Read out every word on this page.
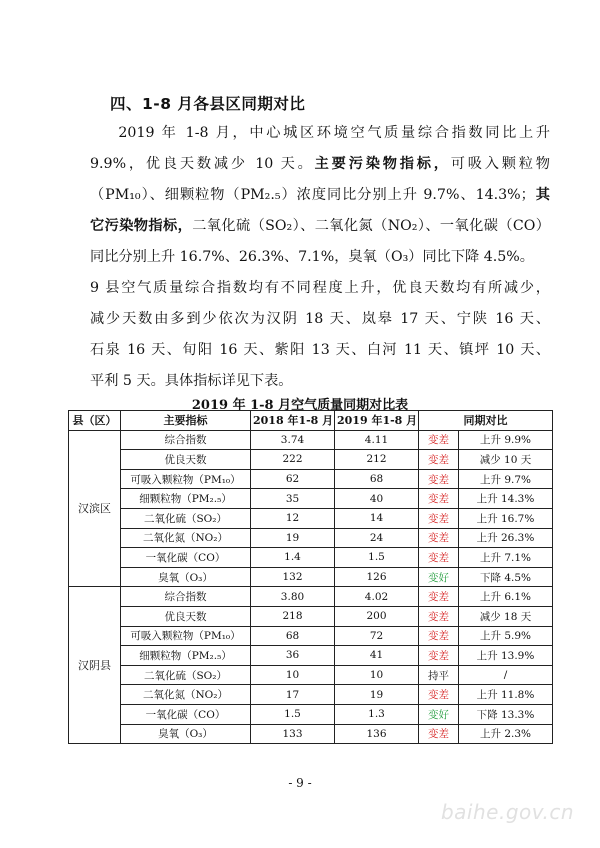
四、1-8 月各县区同期对比
2019 年 1-8 月，中心城区环境空气质量综合指数同比上升
9.9%，优良天数减少 10 天。主要污染物指标，可吸入颗粒物
（PM₁₀）、细颗粒物（PM₂.₅）浓度同比分别上升 9.7%、14.3%；其
它污染物指标，二氧化硫（SO₂）、二氧化氮（NO₂）、一氧化碳（CO）
同比分别上升 16.7%、26.3%、7.1%，臭氧（O₃）同比下降 4.5%。
9 县空气质量综合指数均有不同程度上升，优良天数均有所减少，
减少天数由多到少依次为汉阴 18 天、岚皋 17 天、宁陕 16 天、
石泉 16 天、旬阳 16 天、紫阳 13 天、白河 11 天、镇坪 10 天、
平利 5 天。具体指标详见下表。
2019 年 1-8 月空气质量同期对比表
县（区）	主要指标	2018 年1-8 月	2019 年1-8 月	同期对比	
汉滨区	综合指数	3.74	4.11	变差	上升 9.9%
	优良天数	222	212	变差	减少 10 天
	可吸入颗粒物（PM₁₀）	62	68	变差	上升 9.7%
	细颗粒物（PM₂.₅）	35	40	变差	上升 14.3%
	二氧化硫（SO₂）	12	14	变差	上升 16.7%
	二氧化氮（NO₂）	19	24	变差	上升 26.3%
	一氧化碳（CO）	1.4	1.5	变差	上升 7.1%
	臭氧（O₃）	132	126	变好	下降 4.5%
汉阴县	综合指数	3.80	4.02	变差	上升 6.1%
	优良天数	218	200	变差	减少 18 天
	可吸入颗粒物（PM₁₀）	68	72	变差	上升 5.9%
	细颗粒物（PM₂.₅）	36	41	变差	上升 13.9%
	二氧化硫（SO₂）	10	10	持平	/
	二氧化氮（NO₂）	17	19	变差	上升 11.8%
	一氧化碳（CO）	1.5	1.3	变好	下降 13.3%
	臭氧（O₃）	133	136	变差	上升 2.3%
- 9 -
baihe.gov.cn
